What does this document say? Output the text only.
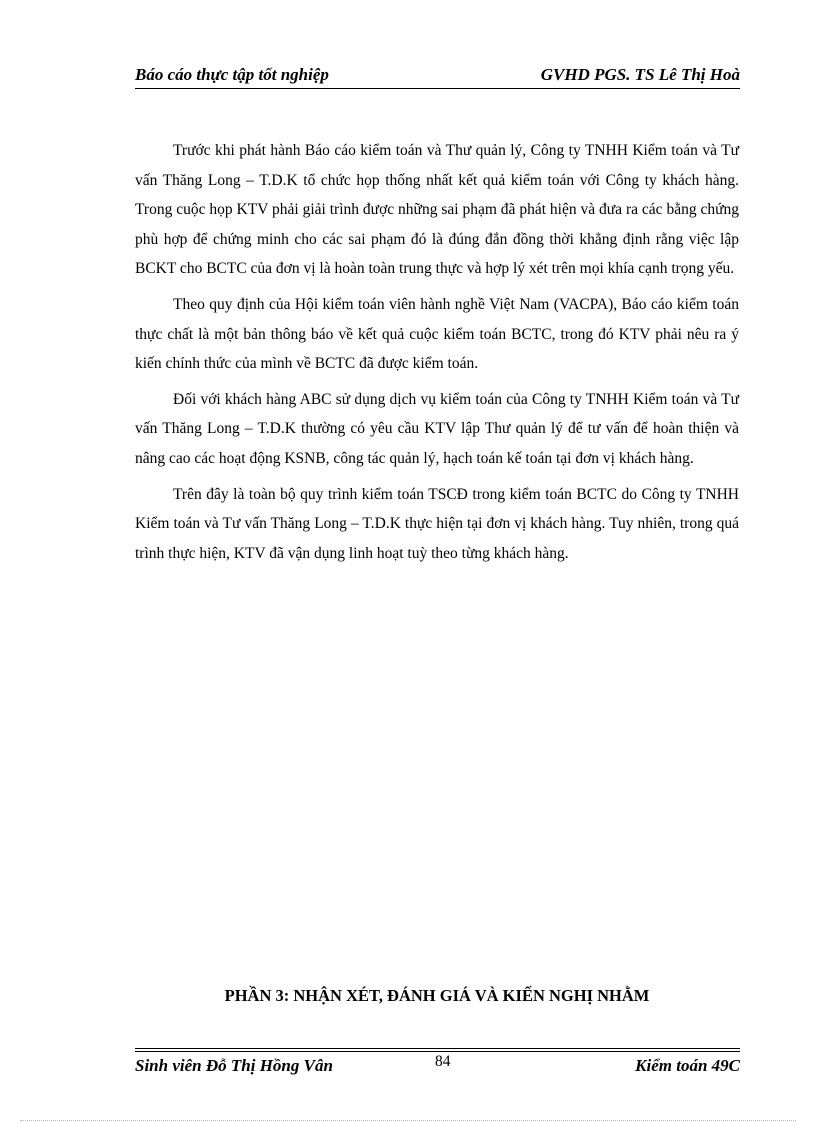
Báo cáo thực tập tốt nghiệp	GVHD PGS. TS Lê Thị Hoà

Trước khi phát hành Báo cáo kiểm toán và Thư quản lý, Công ty TNHH Kiểm toán và Tư vấn Thăng Long – T.D.K tổ chức họp thống nhất kết quả kiểm toán với Công ty khách hàng. Trong cuộc họp KTV phải giải trình được những sai phạm đã phát hiện và đưa ra các bằng chứng phù hợp để chứng minh cho các sai phạm đó là đúng đắn đồng thời khẳng định rằng việc lập BCKT cho BCTC của đơn vị là hoàn toàn trung thực và hợp lý xét trên mọi khía cạnh trọng yếu.

Theo quy định của Hội kiểm toán viên hành nghề Việt Nam (VACPA), Báo cáo kiểm toán thực chất là một bản thông báo về kết quả cuộc kiểm toán BCTC, trong đó KTV phải nêu ra ý kiến chính thức của mình về BCTC đã được kiểm toán.

Đối với khách hàng ABC sử dụng dịch vụ kiểm toán của Công ty TNHH Kiểm toán và Tư vấn Thăng Long – T.D.K thường có yêu cầu KTV lập Thư quản lý để tư vấn để hoàn thiện và nâng cao các hoạt động KSNB, công tác quản lý, hạch toán kế toán tại đơn vị khách hàng.

Trên đây là toàn bộ quy trình kiểm toán TSCĐ trong kiểm toán BCTC do Công ty TNHH Kiểm toán và Tư vấn Thăng Long – T.D.K thực hiện tại đơn vị khách hàng. Tuy nhiên, trong quá trình thực hiện, KTV đã vận dụng linh hoạt tuỳ theo từng khách hàng.

PHẦN 3: NHẬN XÉT, ĐÁNH GIÁ VÀ KIẾN NGHỊ NHẰM
Sinh viên Đỗ Thị Hồng Vân	84	Kiểm toán 49C
